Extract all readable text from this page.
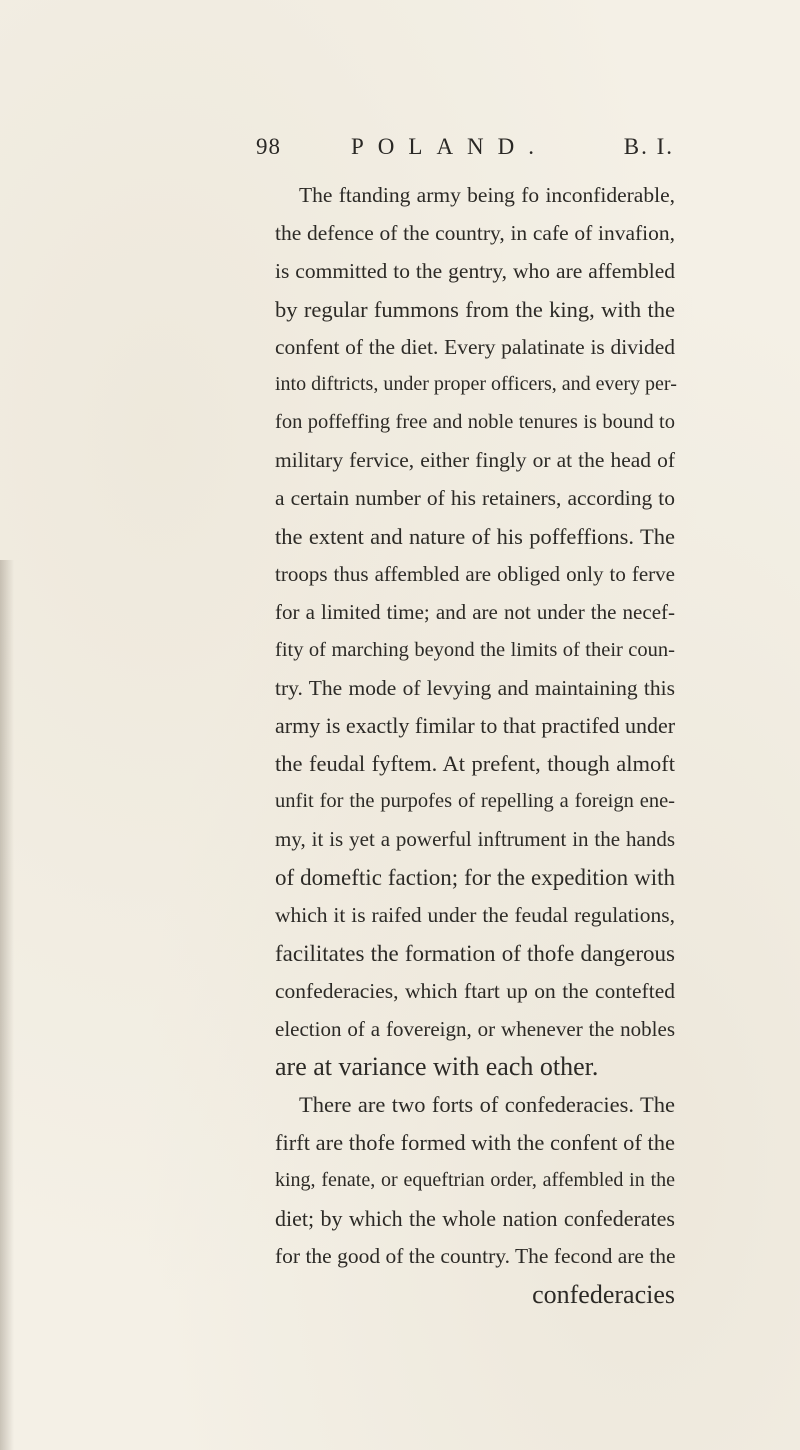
98	POLAND.	B. I.
The ftanding army being fo inconfiderable,
the defence of the country, in cafe of invafion,
is committed to the gentry, who are affembled
by regular fummons from the king, with the
confent of the diet. Every palatinate is divided
into diftricts, under proper officers, and every per-
fon poffeffing free and noble tenures is bound to
military fervice, either fingly or at the head of
a certain number of his retainers, according to
the extent and nature of his poffeffions. The
troops thus affembled are obliged only to ferve
for a limited time; and are not under the necef-
fity of marching beyond the limits of their coun-
try. The mode of levying and maintaining this
army is exactly fimilar to that practifed under
the feudal fyftem. At prefent, though almoft
unfit for the purpofes of repelling a foreign ene-
my, it is yet a powerful inftrument in the hands
of domeftic faction; for the expedition with
which it is raifed under the feudal regulations,
facilitates the formation of thofe dangerous
confederacies, which ftart up on the contefted
election of a fovereign, or whenever the nobles
are at variance with each other.
There are two forts of confederacies. The
firft are thofe formed with the confent of the
king, fenate, or equeftrian order, affembled in the
diet; by which the whole nation confederates
for the good of the country. The fecond are the
confederacies
